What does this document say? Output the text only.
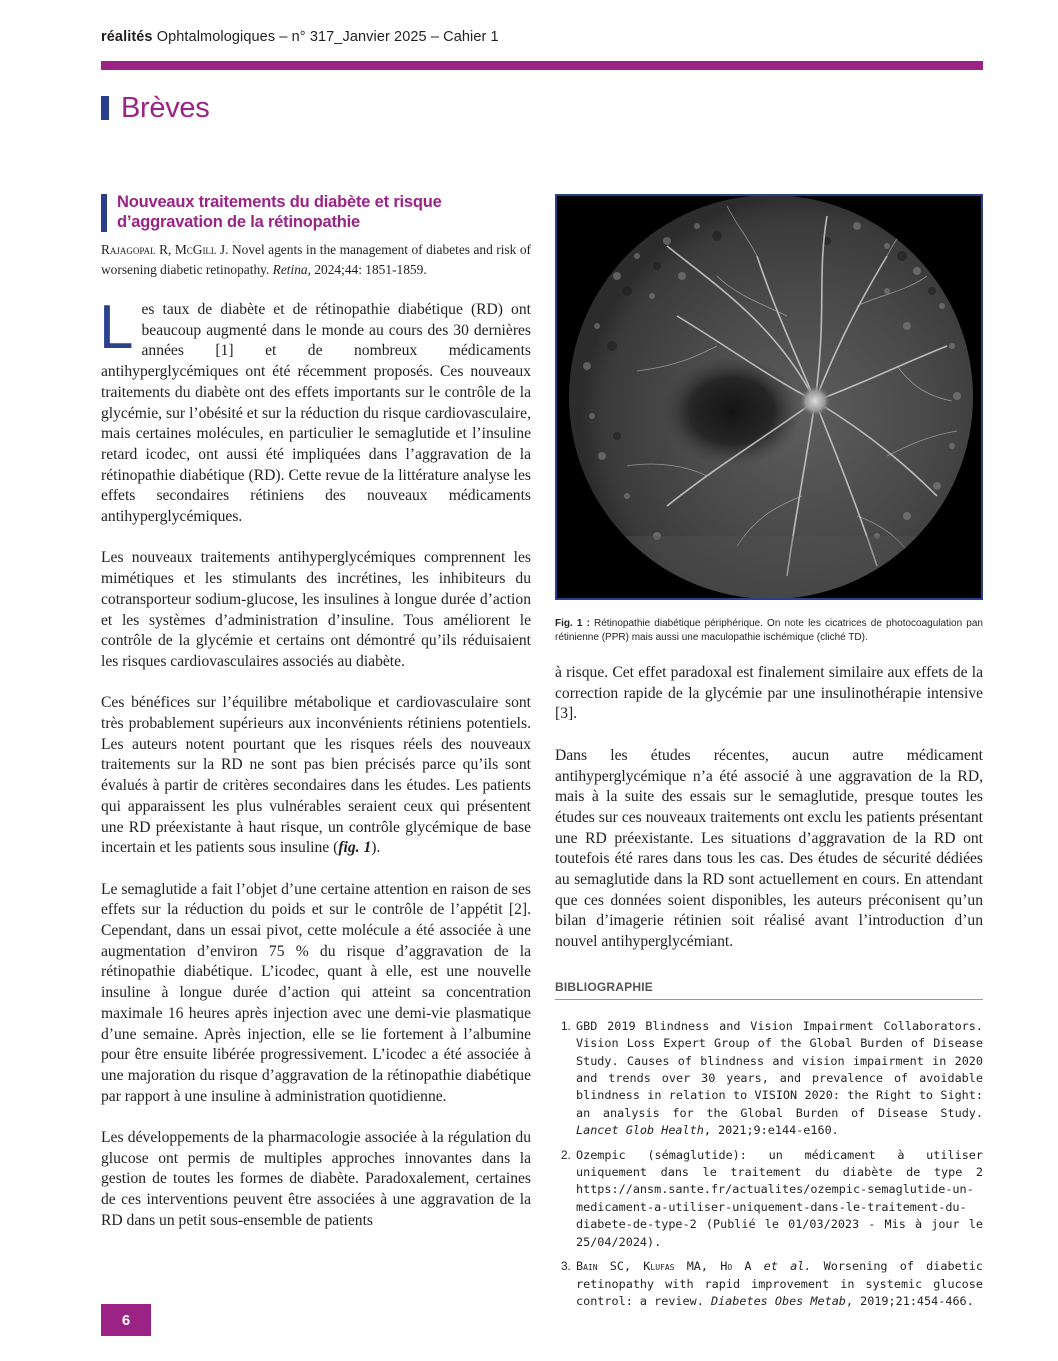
réalités Ophtalmologiques – n° 317_Janvier 2025 – Cahier 1
Brèves
Nouveaux traitements du diabète et risque d’aggravation de la rétinopathie

Rajagopal R, McGill J. Novel agents in the management of diabetes and risk of worsening diabetic retinopathy. Retina, 2024;44: 1851-1859.

Les taux de diabète et de rétinopathie diabétique (RD) ont beaucoup augmenté dans le monde au cours des 30 dernières années [1] et de nombreux médicaments antihyperglycémiques ont été récemment proposés. Ces nouveaux traitements du diabète ont des effets importants sur le contrôle de la glycémie, sur l’obésité et sur la réduction du risque cardiovasculaire, mais certaines molécules, en particulier le semaglutide et l’insuline retard icodec, ont aussi été impliquées dans l’aggravation de la rétinopathie diabétique (RD). Cette revue de la littérature analyse les effets secondaires rétiniens des nouveaux médicaments antihyperglycémiques.

Les nouveaux traitements antihyperglycémiques comprennent les mimétiques et les stimulants des incrétines, les inhibiteurs du cotransporteur sodium-glucose, les insulines à longue durée d’action et les systèmes d’administration d’insuline. Tous améliorent le contrôle de la glycémie et certains ont démontré qu’ils réduisaient les risques cardiovasculaires associés au diabète.

Ces bénéfices sur l’équilibre métabolique et cardiovasculaire sont très probablement supérieurs aux inconvénients rétiniens potentiels. Les auteurs notent pourtant que les risques réels des nouveaux traitements sur la RD ne sont pas bien précisés parce qu’ils sont évalués à partir de critères secondaires dans les études. Les patients qui apparaissent les plus vulnérables seraient ceux qui présentent une RD préexistante à haut risque, un contrôle glycémique de base incertain et les patients sous insuline (fig. 1).

Le semaglutide a fait l’objet d’une certaine attention en raison de ses effets sur la réduction du poids et sur le contrôle de l’appétit [2]. Cependant, dans un essai pivot, cette molécule a été associée à une augmentation d’environ 75 % du risque d’aggravation de la rétinopathie diabétique. L’icodec, quant à elle, est une nouvelle insuline à longue durée d’action qui atteint sa concentration maximale 16 heures après injection avec une demi-vie plasmatique d’une semaine. Après injection, elle se lie fortement à l’albumine pour être ensuite libérée progressivement. L’icodec a été associée à une majoration du risque d’aggravation de la rétinopathie diabétique par rapport à une insuline à administration quotidienne.

Les développements de la pharmacologie associée à la régulation du glucose ont permis de multiples approches innovantes dans la gestion de toutes les formes de diabète. Paradoxalement, certaines de ces interventions peuvent être associées à une aggravation de la RD dans un petit sous-ensemble de patients

Fig. 1 : Rétinopathie diabétique périphérique. On note les cicatrices de photocoagulation pan rétinienne (PPR) mais aussi une maculopathie ischémique (cliché TD).

à risque. Cet effet paradoxal est finalement similaire aux effets de la correction rapide de la glycémie par une insulinothérapie intensive [3].

Dans les études récentes, aucun autre médicament antihyperglycémique n’a été associé à une aggravation de la RD, mais à la suite des essais sur le semaglutide, presque toutes les études sur ces nouveaux traitements ont exclu les patients présentant une RD préexistante. Les situations d’aggravation de la RD ont toutefois été rares dans tous les cas. Des études de sécurité dédiées au semaglutide dans la RD sont actuellement en cours. En attendant que ces données soient disponibles, les auteurs préconisent qu’un bilan d’imagerie rétinien soit réalisé avant l’introduction d’un nouvel antihyperglycémiant.

BIBLIOGRAPHIE
1. GBD 2019 Blindness and Vision Impairment Collaborators. Vision Loss Expert Group of the Global Burden of Disease Study. Causes of blindness and vision impairment in 2020 and trends over 30 years, and prevalence of avoidable blindness in relation to VISION 2020: the Right to Sight: an analysis for the Global Burden of Disease Study. Lancet Glob Health, 2021;9:e144-e160.
2. Ozempic (sémaglutide): un médicament à utiliser uniquement dans le traitement du diabète de type 2 https://ansm.sante.fr/actualites/ozempic-semaglutide-un-medicament-a-utiliser-uniquement-dans-le-traitement-du-diabete-de-type-2 (Publié le 01/03/2023 - Mis à jour le 25/04/2024).
3. Bain SC, Klufas MA, Ho A et al. Worsening of diabetic retinopathy with rapid improvement in systemic glucose control: a review. Diabetes Obes Metab, 2019;21:454-466.
6
